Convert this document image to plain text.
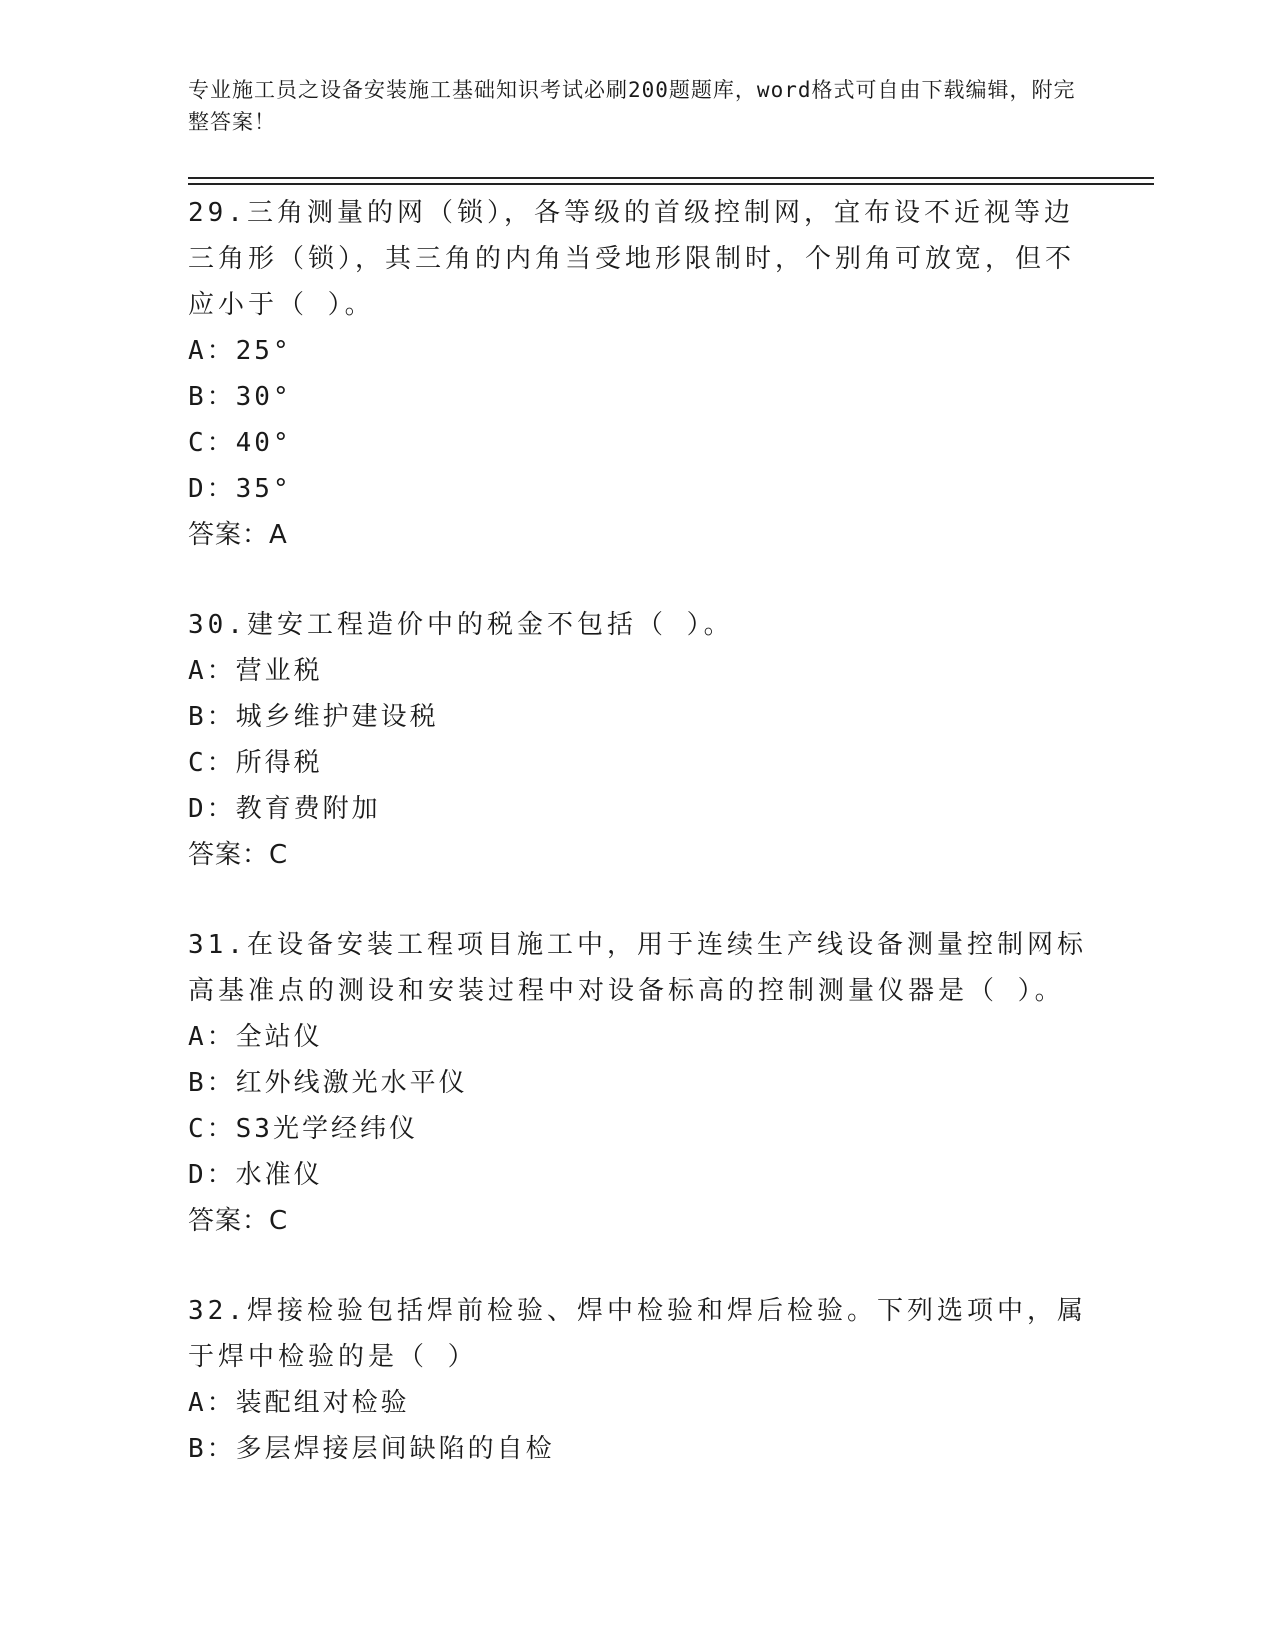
专业施工员之设备安装施工基础知识考试必刷200题题库，word格式可自由下载编辑，附完整答案！

29.三角测量的网（锁），各等级的首级控制网，宜布设不近视等边三角形（锁），其三角的内角当受地形限制时，个别角可放宽，但不应小于（ ）。

A：25°

B：30°

C：40°

D：35°

答案：A

30.建安工程造价中的税金不包括（ ）。

A：营业税

B：城乡维护建设税

C：所得税

D：教育费附加

答案：C

31.在设备安装工程项目施工中，用于连续生产线设备测量控制网标高基准点的测设和安装过程中对设备标高的控制测量仪器是（ ）。

A：全站仪

B：红外线激光水平仪

C：S3光学经纬仪

D：水准仪

答案：C

32.焊接检验包括焊前检验、焊中检验和焊后检验。下列选项中，属于焊中检验的是（ ）

A：装配组对检验

B：多层焊接层间缺陷的自检
